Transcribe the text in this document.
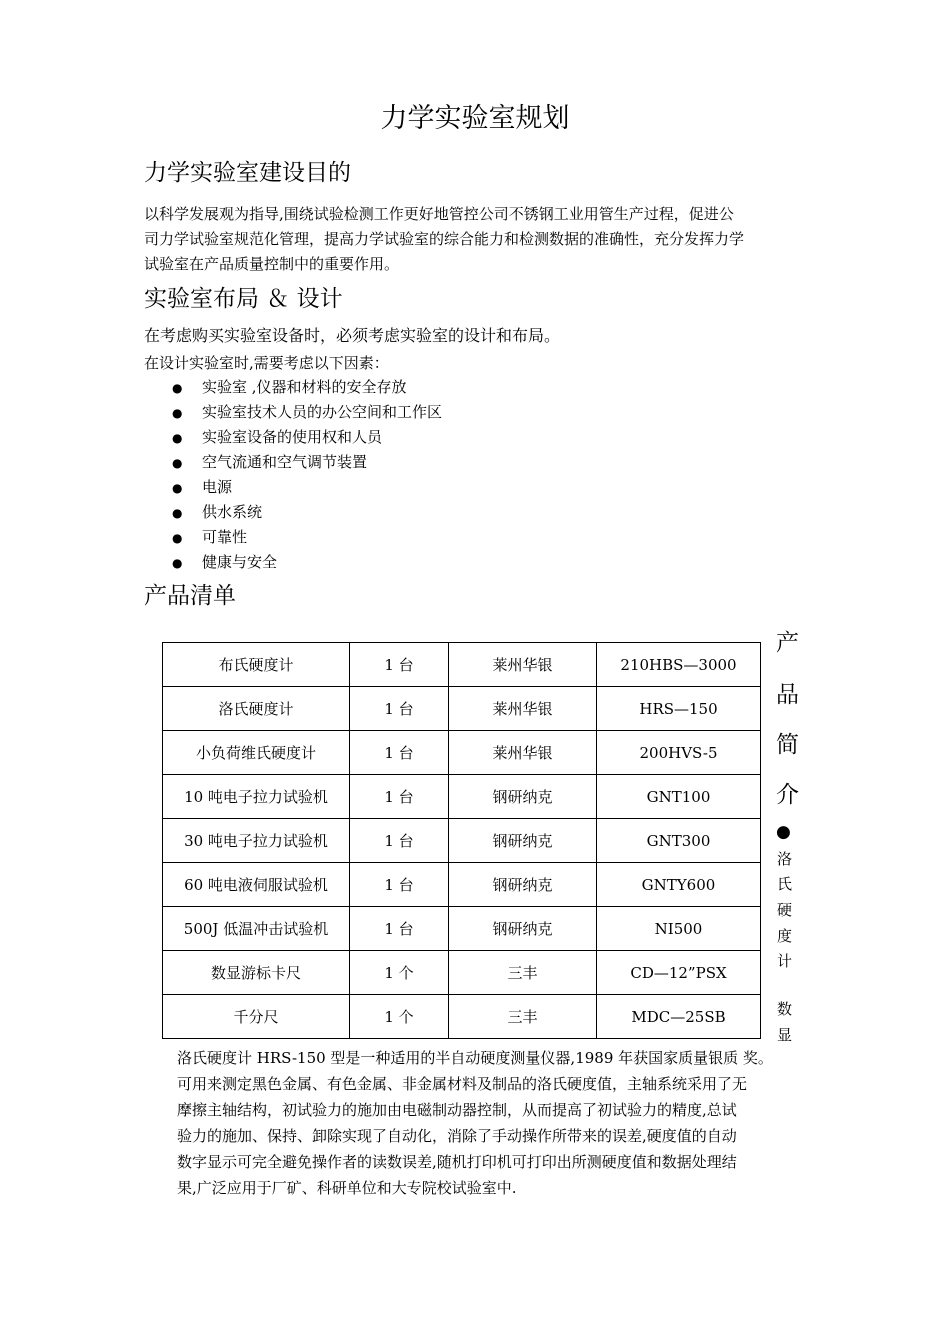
力学实验室规划
力学实验室建设目的
以科学发展观为指导,围绕试验检测工作更好地管控公司不锈钢工业用管生产过程，促进公
司力学试验室规范化管理，提高力学试验室的综合能力和检测数据的准确性，充分发挥力学
试验室在产品质量控制中的重要作用。
实验室布局 ＆ 设计
在考虑购买实验室设备时，必须考虑实验室的设计和布局。
在设计实验室时,需要考虑以下因素：
● 实验室 ,仪器和材料的安全存放
● 实验室技术人员的办公空间和工作区
● 实验室设备的使用权和人员
● 空气流通和空气调节装置
● 电源
● 供水系统
● 可靠性
● 健康与安全
产品清单
布氏硬度计	1 台	莱州华银	210HBS—3000
洛氏硬度计	1 台	莱州华银	HRS—150
小负荷维氏硬度计	1 台	莱州华银	200HVS-5
10 吨电子拉力试验机	1 台	钢研纳克	GNT100
30 吨电子拉力试验机	1 台	钢研纳克	GNT300
60 吨电液伺服试验机	1 台	钢研纳克	GNTY600
500J 低温冲击试验机	1 台	钢研纳克	NI500
数显游标卡尺	1 个	三丰	CD—12”PSX
千分尺	1 个	三丰	MDC—25SB
产
品
简
介
●
洛
氏
硬
度
计
数
显
洛氏硬度计 HRS-150 型是一种适用的半自动硬度测量仪器,1989 年获国家质量银质 奖。
可用来测定黑色金属、有色金属、非金属材料及制品的洛氏硬度值，主轴系统采用了无
摩擦主轴结构，初试验力的施加由电磁制动器控制，从而提高了初试验力的精度,总试
验力的施加、保持、卸除实现了自动化，消除了手动操作所带来的误差,硬度值的自动
数字显示可完全避免操作者的读数误差,随机打印机可打印出所测硬度值和数据处理结
果,广泛应用于厂矿、科研单位和大专院校试验室中.
